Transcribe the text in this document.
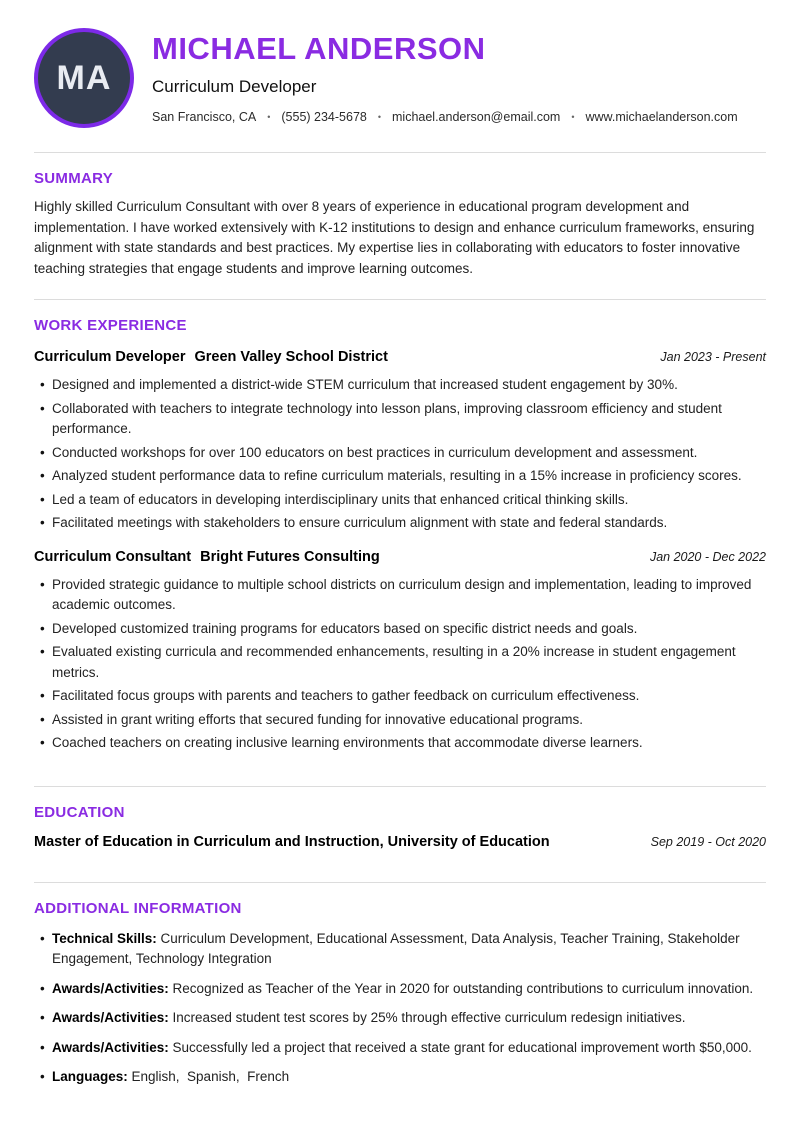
MA
MICHAEL ANDERSON
Curriculum Developer
San Francisco, CA • (555) 234-5678 • michael.anderson@email.com • www.michaelanderson.com
SUMMARY

Highly skilled Curriculum Consultant with over 8 years of experience in educational program development and implementation. I have worked extensively with K-12 institutions to design and enhance curriculum frameworks, ensuring alignment with state standards and best practices. My expertise lies in collaborating with educators to foster innovative teaching strategies that engage students and improve learning outcomes.

WORK EXPERIENCE
Curriculum Developer Green Valley School District	Jan 2023 - Present
• Designed and implemented a district-wide STEM curriculum that increased student engagement by 30%.
• Collaborated with teachers to integrate technology into lesson plans, improving classroom efficiency and student performance.
• Conducted workshops for over 100 educators on best practices in curriculum development and assessment.
• Analyzed student performance data to refine curriculum materials, resulting in a 15% increase in proficiency scores.
• Led a team of educators in developing interdisciplinary units that enhanced critical thinking skills.
• Facilitated meetings with stakeholders to ensure curriculum alignment with state and federal standards.
Curriculum Consultant Bright Futures Consulting	Jan 2020 - Dec 2022
• Provided strategic guidance to multiple school districts on curriculum design and implementation, leading to improved academic outcomes.
• Developed customized training programs for educators based on specific district needs and goals.
• Evaluated existing curricula and recommended enhancements, resulting in a 20% increase in student engagement metrics.
• Facilitated focus groups with parents and teachers to gather feedback on curriculum effectiveness.
• Assisted in grant writing efforts that secured funding for innovative educational programs.
• Coached teachers on creating inclusive learning environments that accommodate diverse learners.
EDUCATION
Master of Education in Curriculum and Instruction, University of Education	Sep 2019 - Oct 2020
ADDITIONAL INFORMATION
• Technical Skills: Curriculum Development, Educational Assessment, Data Analysis, Teacher Training, Stakeholder Engagement, Technology Integration
• Awards/Activities: Recognized as Teacher of the Year in 2020 for outstanding contributions to curriculum innovation.
• Awards/Activities: Increased student test scores by 25% through effective curriculum redesign initiatives.
• Awards/Activities: Successfully led a project that received a state grant for educational improvement worth $50,000.
• Languages: English,  Spanish,  French
